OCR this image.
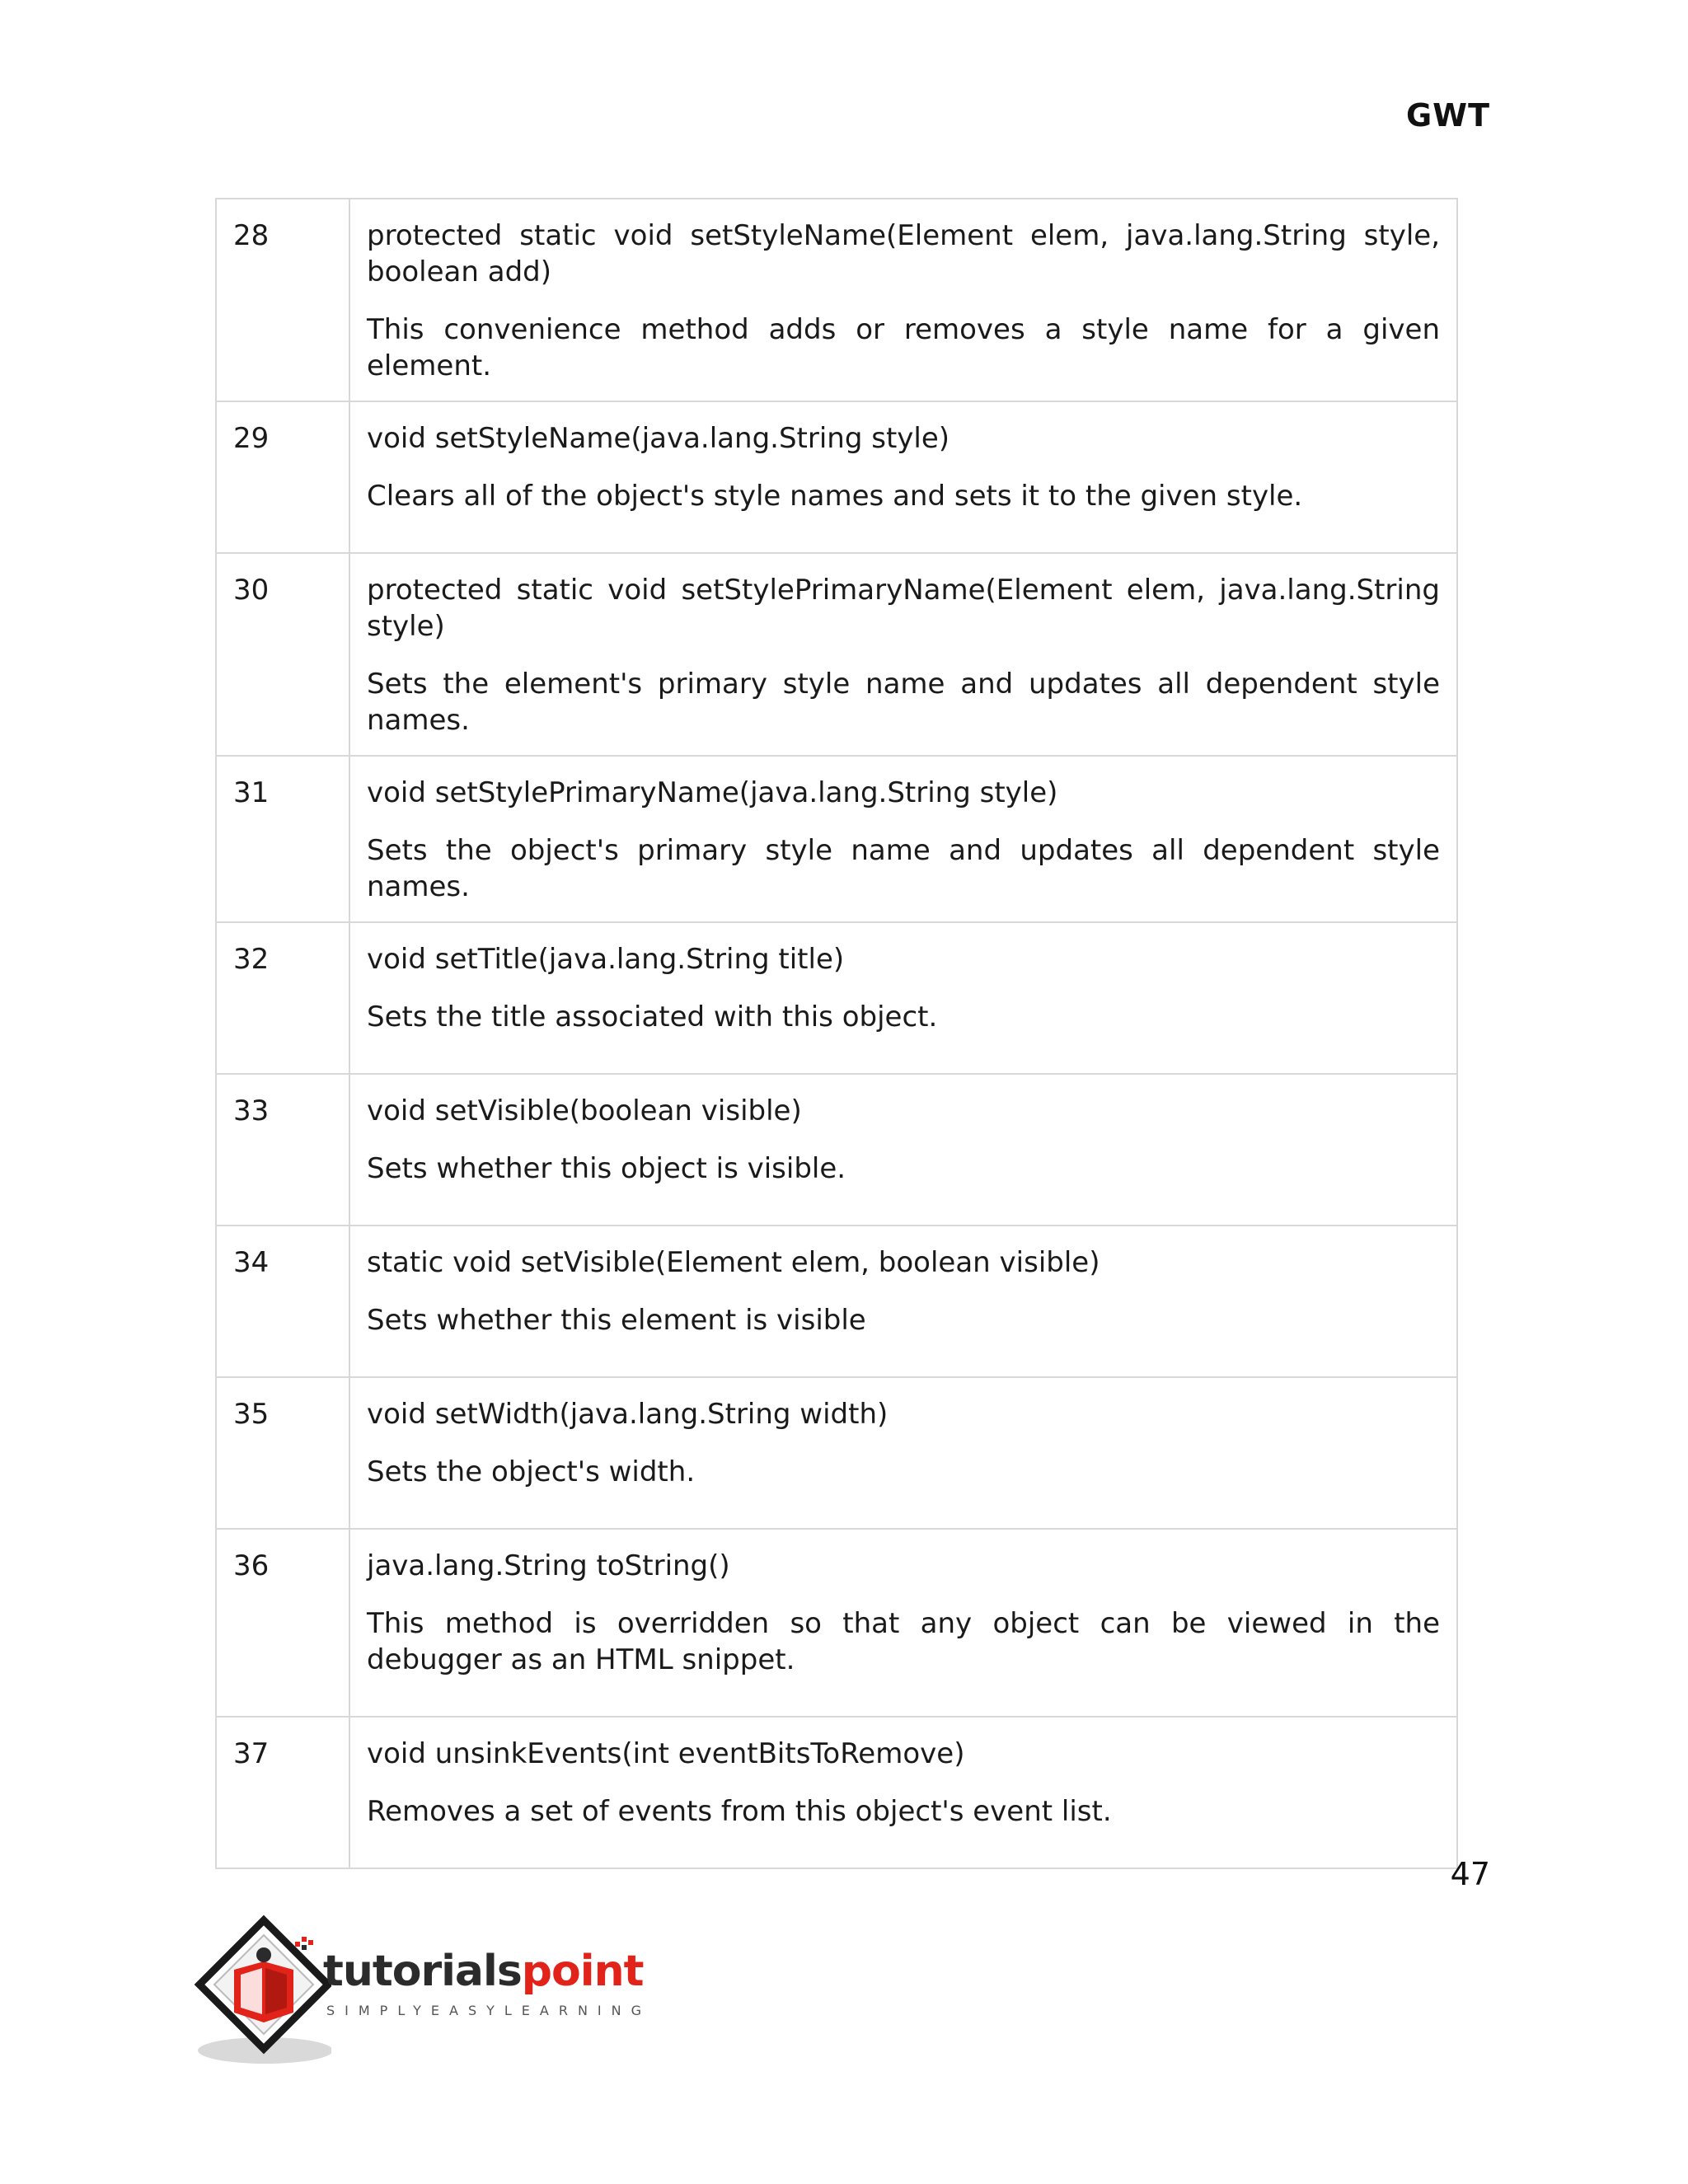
GWT
28	protected static void setStyleName(Element elem, java.lang.String style, boolean add)

This convenience method adds or removes a style name for a given element.

29	void setStyleName(java.lang.String style)

Clears all of the object's style names and sets it to the given style.

30	protected static void setStylePrimaryName(Element elem, java.lang.String style)

Sets the element's primary style name and updates all dependent style names.

31	void setStylePrimaryName(java.lang.String style)

Sets the object's primary style name and updates all dependent style names.

32	void setTitle(java.lang.String title)

Sets the title associated with this object.

33	void setVisible(boolean visible)

Sets whether this object is visible.

34	static void setVisible(Element elem, boolean visible)

Sets whether this element is visible

35	void setWidth(java.lang.String width)

Sets the object's width.

36	java.lang.String toString()

This method is overridden so that any object can be viewed in the debugger as an HTML snippet.

37	void unsinkEvents(int eventBitsToRemove)

Removes a set of events from this object's event list.

47
tutorialspoint
SIMPLYEASYLEARNING
